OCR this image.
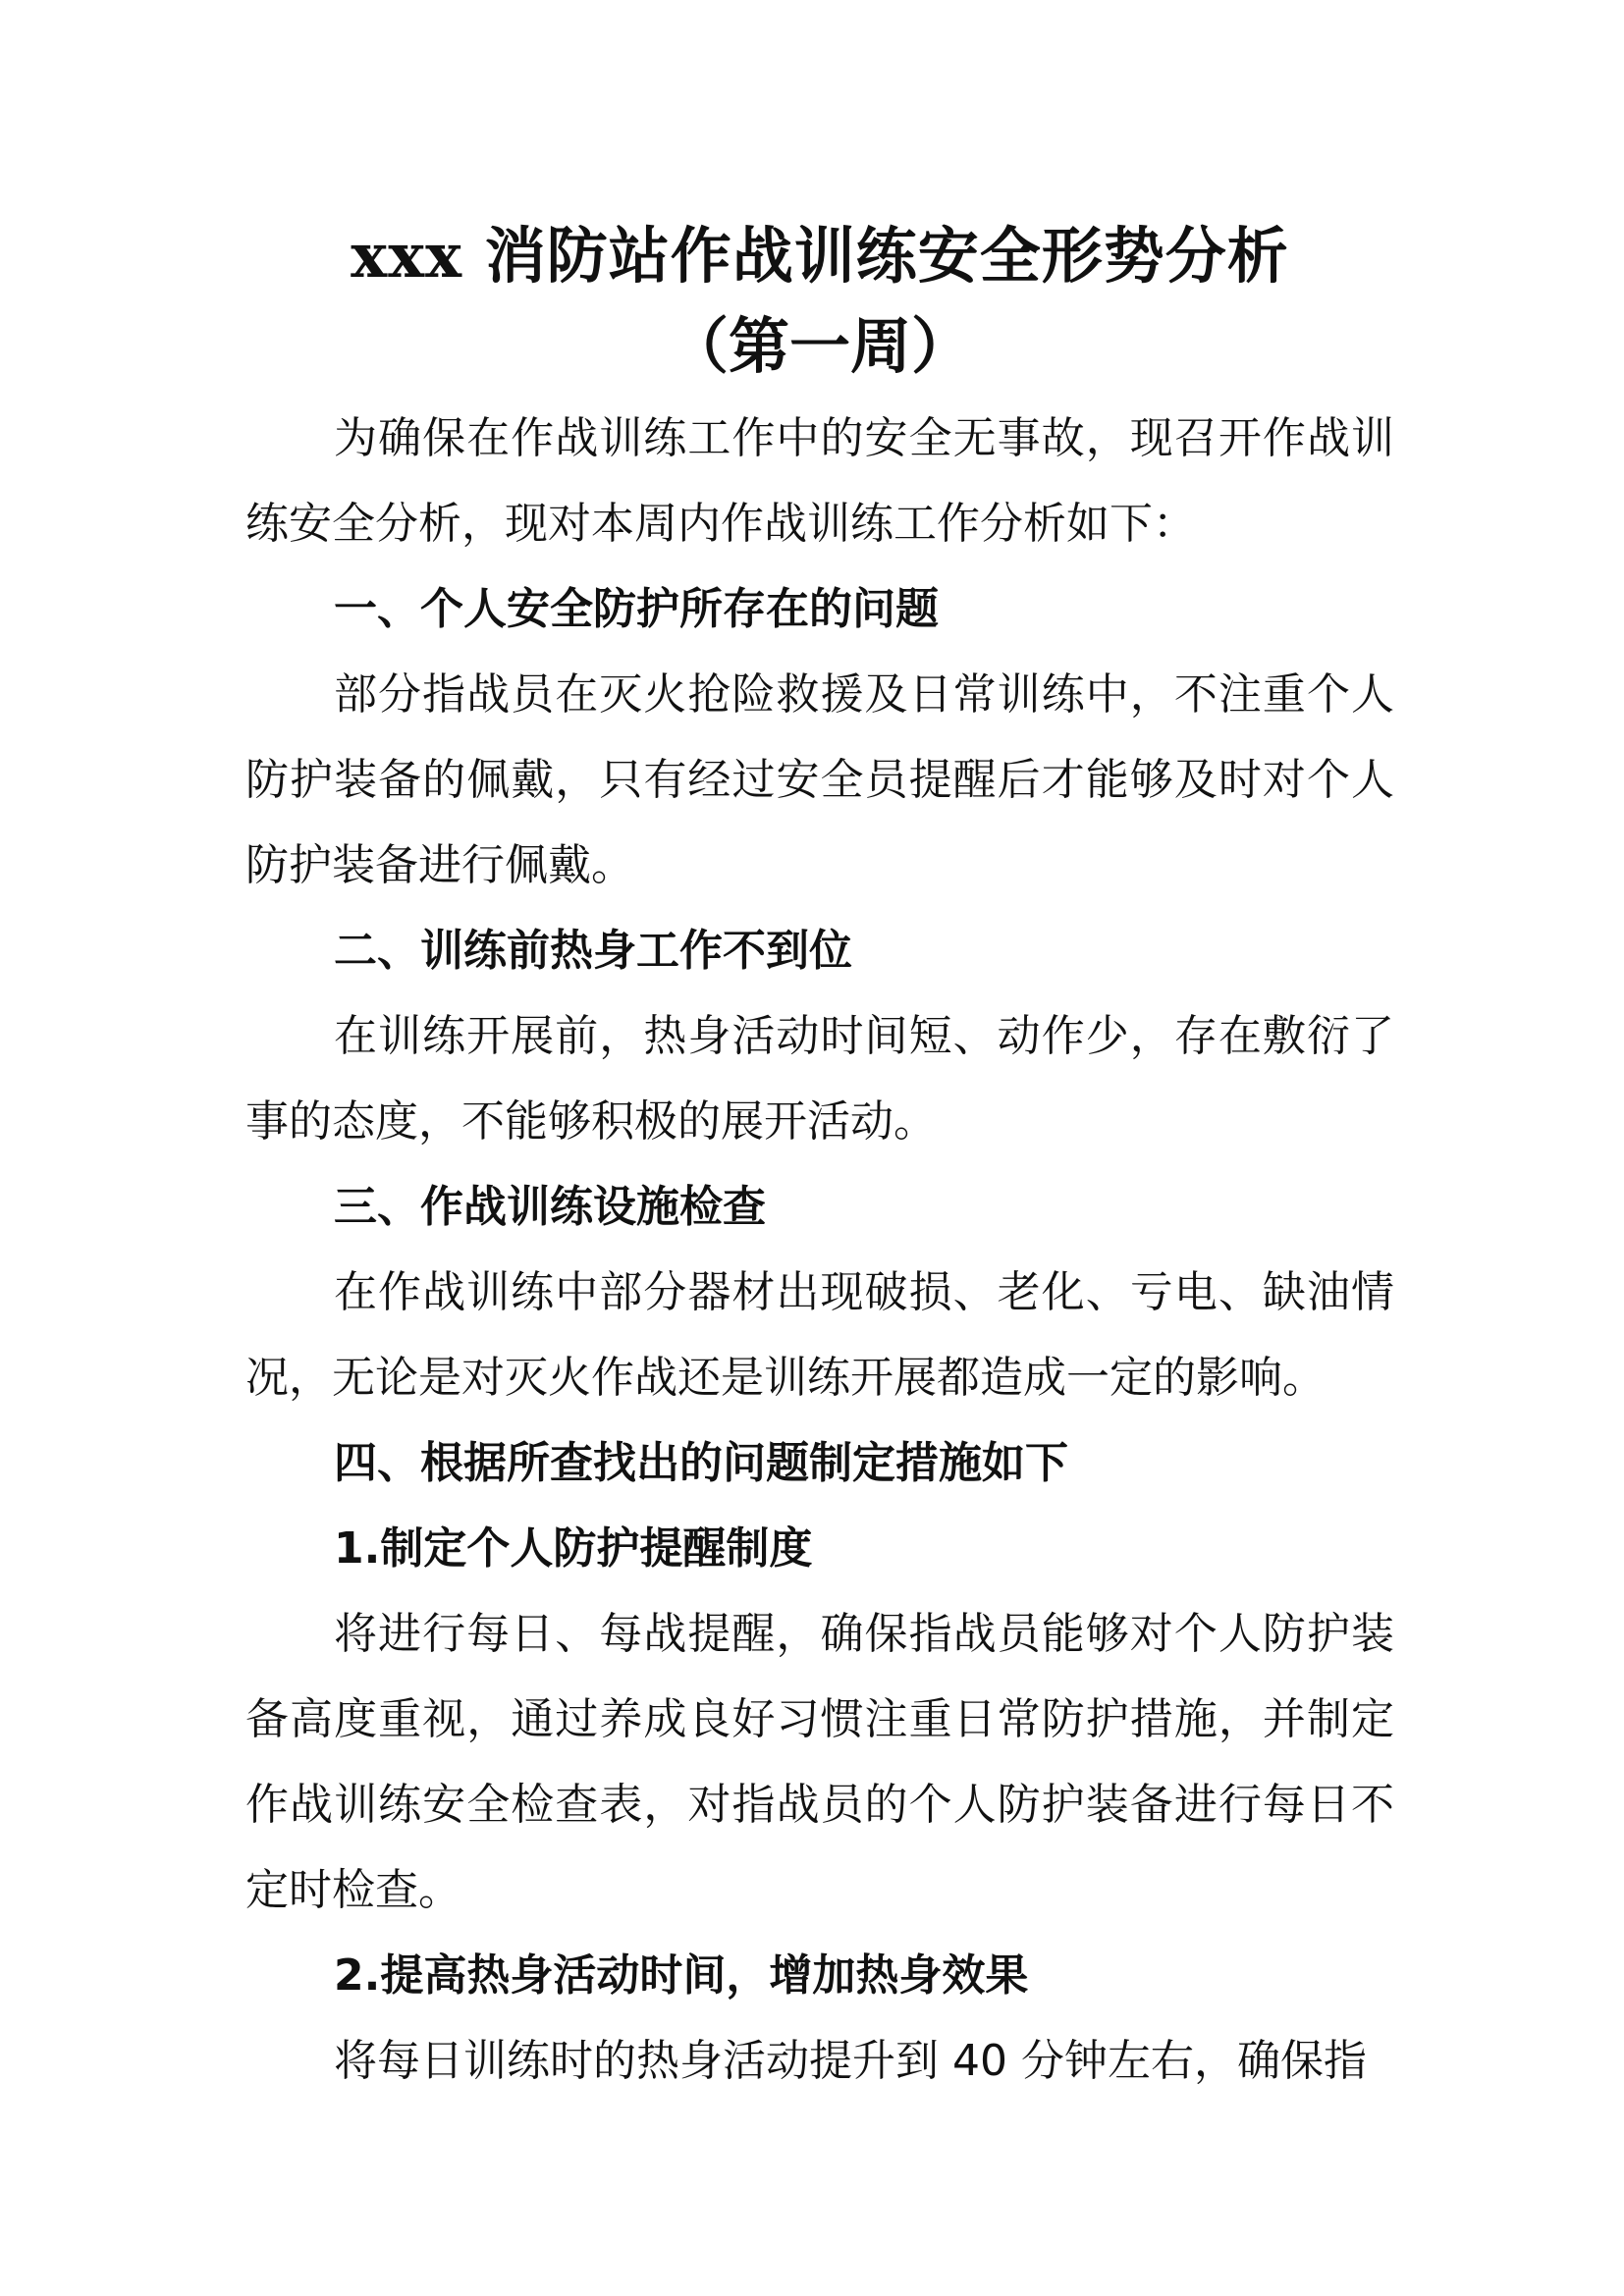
xxx 消防站作战训练安全形势分析
（第一周）

为确保在作战训练工作中的安全无事故，现召开作战训练安全分析，现对本周内作战训练工作分析如下：

一、个人安全防护所存在的问题

部分指战员在灭火抢险救援及日常训练中，不注重个人防护装备的佩戴，只有经过安全员提醒后才能够及时对个人防护装备进行佩戴。

二、训练前热身工作不到位

在训练开展前，热身活动时间短、动作少，存在敷衍了事的态度，不能够积极的展开活动。

三、作战训练设施检查

在作战训练中部分器材出现破损、老化、亏电、缺油情况，无论是对灭火作战还是训练开展都造成一定的影响。

四、根据所查找出的问题制定措施如下
1.制定个人防护提醒制度

将进行每日、每战提醒，确保指战员能够对个人防护装备高度重视，通过养成良好习惯注重日常防护措施，并制定作战训练安全检查表，对指战员的个人防护装备进行每日不定时检查。

2.提高热身活动时间，增加热身效果

将每日训练时的热身活动提升到 40 分钟左右，确保指
